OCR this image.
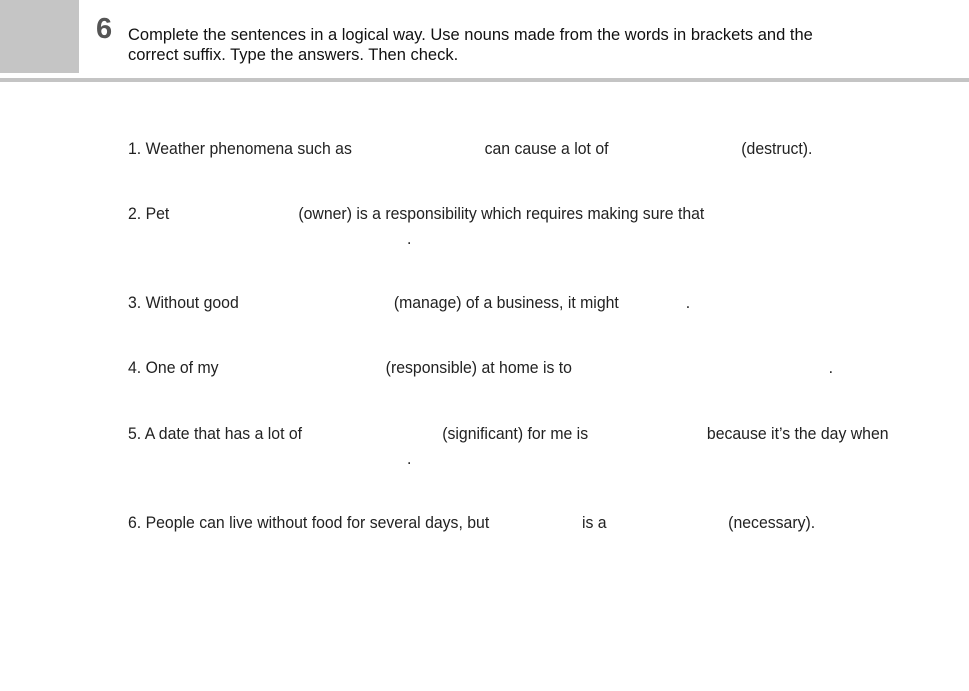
6 Complete the sentences in a logical way. Use nouns made from the words in brackets and the
correct suffix. Type the answers. Then check.
1. Weather phenomena such as	can cause a lot of	(destruct).
2. Pet	(owner) is a responsibility which requires making sure that
.
3. Without good	(manage) of a business, it might	.
4. One of my	(responsible) at home is to	.
5. A date that has a lot of	(significant) for me is	because it’s the day when
.
6. People can live without food for several days, but	is a	(necessary).
